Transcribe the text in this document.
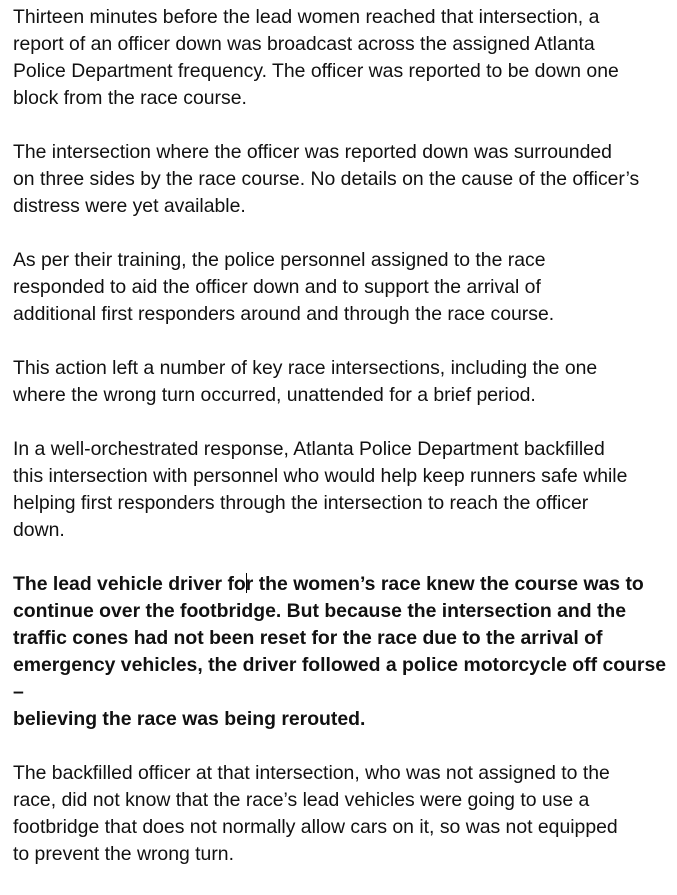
Thirteen minutes before the lead women reached that intersection, a
report of an officer down was broadcast across the assigned Atlanta
Police Department frequency. The officer was reported to be down one
block from the race course.

The intersection where the officer was reported down was surrounded
on three sides by the race course. No details on the cause of the officer’s
distress were yet available.

As per their training, the police personnel assigned to the race
responded to aid the officer down and to support the arrival of
additional first responders around and through the race course.

This action left a number of key race intersections, including the one
where the wrong turn occurred, unattended for a brief period.

In a well-orchestrated response, Atlanta Police Department backfilled
this intersection with personnel who would help keep runners safe while
helping first responders through the intersection to reach the officer
down.

The lead vehicle driver for the women’s race knew the course was to
continue over the footbridge. But because the intersection and the
traffic cones had not been reset for the race due to the arrival of
emergency vehicles, the driver followed a police motorcycle off course –
believing the race was being rerouted.

The backfilled officer at that intersection, who was not assigned to the
race, did not know that the race’s lead vehicles were going to use a
footbridge that does not normally allow cars on it, so was not equipped
to prevent the wrong turn.
